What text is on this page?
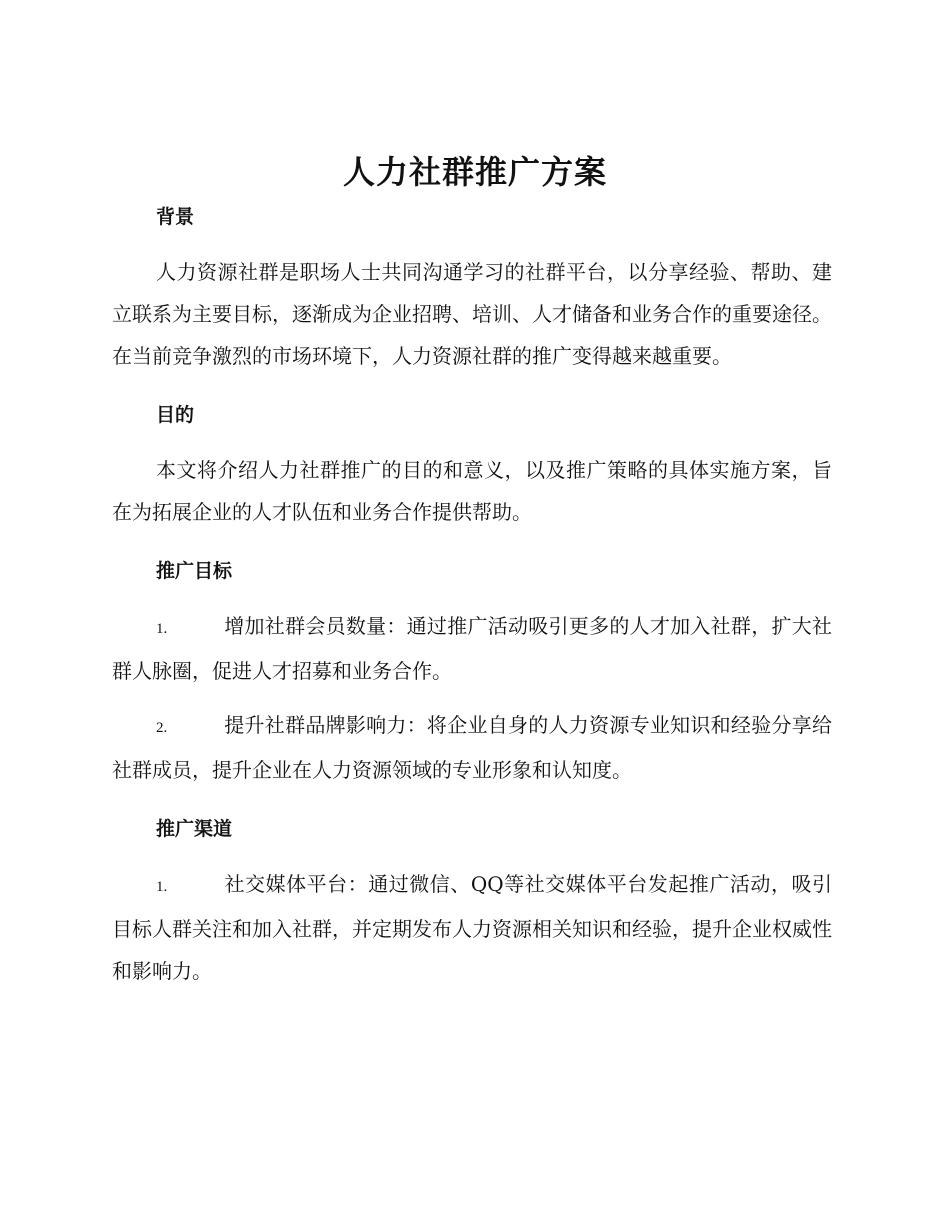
人力社群推广方案
背景

人力资源社群是职场人士共同沟通学习的社群平台，以分享经验、帮助、建立联系为主要目标，逐渐成为企业招聘、培训、人才储备和业务合作的重要途径。在当前竞争激烈的市场环境下，人力资源社群的推广变得越来越重要。

目的

本文将介绍人力社群推广的目的和意义，以及推广策略的具体实施方案，旨在为拓展企业的人才队伍和业务合作提供帮助。

推广目标

1.	增加社群会员数量：通过推广活动吸引更多的人才加入社群，扩大社群人脉圈，促进人才招募和业务合作。

2.	提升社群品牌影响力：将企业自身的人力资源专业知识和经验分享给社群成员，提升企业在人力资源领域的专业形象和认知度。

推广渠道

1.	社交媒体平台：通过微信、QQ等社交媒体平台发起推广活动，吸引目标人群关注和加入社群，并定期发布人力资源相关知识和经验，提升企业权威性和影响力。
